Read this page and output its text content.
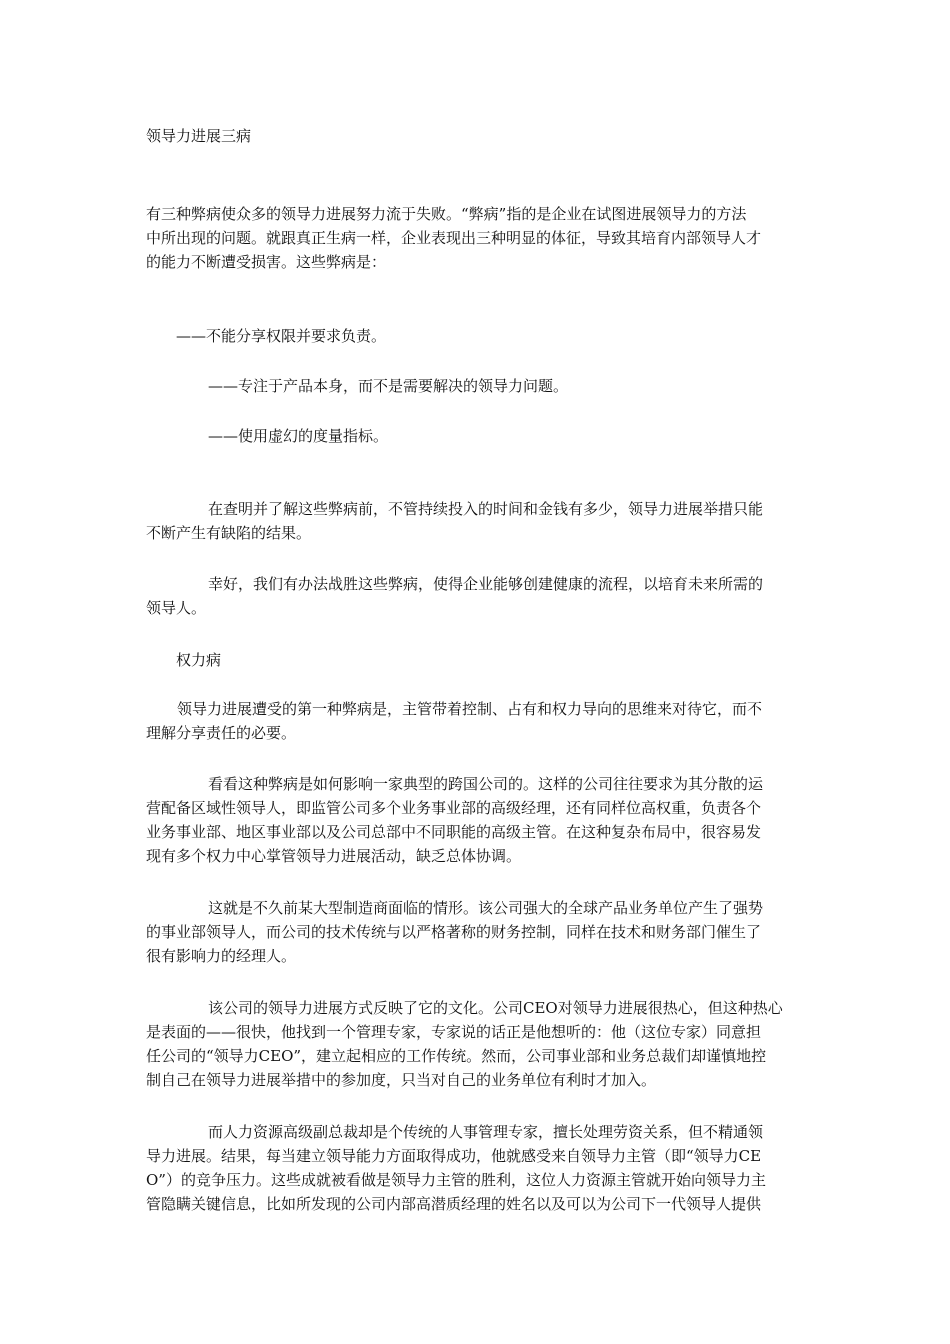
领导力进展三病
有三种弊病使众多的领导力进展努力流于失败。“弊病”指的是企业在试图进展领导力的方法
中所出现的问题。就跟真正生病一样，企业表现出三种明显的体征，导致其培育内部领导人才
的能力不断遭受损害。这些弊病是：
——不能分享权限并要求负责。
——专注于产品本身，而不是需要解决的领导力问题。
——使用虚幻的度量指标。
在查明并了解这些弊病前，不管持续投入的时间和金钱有多少，领导力进展举措只能
不断产生有缺陷的结果。
幸好，我们有办法战胜这些弊病，使得企业能够创建健康的流程，以培育未来所需的
领导人。
权力病
领导力进展遭受的第一种弊病是，主管带着控制、占有和权力导向的思维来对待它，而不
理解分享责任的必要。
看看这种弊病是如何影响一家典型的跨国公司的。这样的公司往往要求为其分散的运
营配备区域性领导人，即监管公司多个业务事业部的高级经理，还有同样位高权重，负责各个
业务事业部、地区事业部以及公司总部中不同职能的高级主管。在这种复杂布局中，很容易发
现有多个权力中心掌管领导力进展活动，缺乏总体协调。
这就是不久前某大型制造商面临的情形。该公司强大的全球产品业务单位产生了强势
的事业部领导人，而公司的技术传统与以严格著称的财务控制，同样在技术和财务部门催生了
很有影响力的经理人。
该公司的领导力进展方式反映了它的文化。公司CEO对领导力进展很热心，但这种热心
是表面的——很快，他找到一个管理专家，专家说的话正是他想听的：他（这位专家）同意担
任公司的“领导力CEO”，建立起相应的工作传统。然而，公司事业部和业务总裁们却谨慎地控
制自己在领导力进展举措中的参加度，只当对自己的业务单位有利时才加入。
而人力资源高级副总裁却是个传统的人事管理专家，擅长处理劳资关系，但不精通领
导力进展。结果，每当建立领导能力方面取得成功，他就感受来自领导力主管（即“领导力CE
O”）的竞争压力。这些成就被看做是领导力主管的胜利，这位人力资源主管就开始向领导力主
管隐瞒关键信息，比如所发现的公司内部高潜质经理的姓名以及可以为公司下一代领导人提供
